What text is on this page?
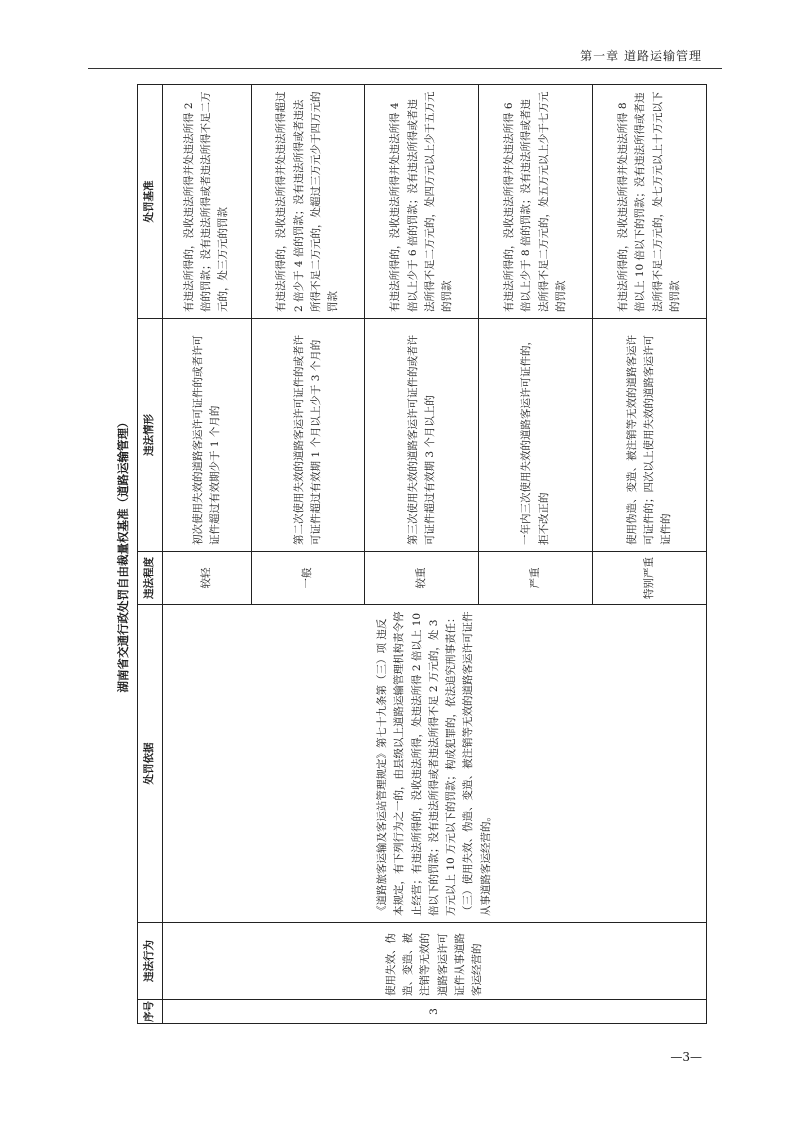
第一章 道路运输管理
湖南省交通行政处罚自由裁量权基准（道路运输管理）
序号	违法行为	处罚依据	违法程度	违法情形	处罚基准
3	使用失效、伪造、变造、被注销等无效的道路客运许可证件从事道路客运经营的	《道路旅客运输及客运站管理规定》第七十九条第（三）项 违反本规定，有下列行为之一的，由县级以上道路运输管理机构责令停止经营；有违法所得的，没收违法所得，处违法所得 2 倍以上 10 倍以下的罚款；没有违法所得或者违法所得不足 2 万元的，处 3 万元以上 10 万元以下的罚款；构成犯罪的，依法追究刑事责任： （三）使用失效、伪造、变造、被注销等无效的道路客运许可证件从事道路客运经营的。	较轻	初次使用失效的道路客运许可证件的或者许可证件超过有效期少于 1 个月的	有违法所得的，没收违法所得并处违法所得 2 倍的罚款；没有违法所得或者违法所得不足二万元的，处三万元的罚款
			一般	第二次使用失效的道路客运许可证件的或者许可证件超过有效期 1 个月以上少于 3 个月的	有违法所得的，没收违法所得并处违法所得超过 2 倍少于 4 倍的罚款；没有违法所得或者违法所得不足二万元的，处超过三万元少于四万元的罚款
			较重	第三次使用失效的道路客运许可证件的或者许可证件超过有效期 3 个月以上的	有违法所得的，没收违法所得并处违法所得 4 倍以上少于 6 倍的罚款；没有违法所得或者违法所得不足二万元的，处四万元以上少于五万元的罚款
			严重	一年内三次使用失效的道路客运许可证件的，拒不改正的	有违法所得的，没收违法所得并处违法所得 6 倍以上少于 8 倍的罚款；没有违法所得或者违法所得不足二万元的，处五万元以上少于七万元的罚款
			特别严重	使用伪造、变造、被注销等无效的道路客运许可证件的；四次以上使用失效的道路客运许可证件的	有违法所得的，没收违法所得并处违法所得 8 倍以上 10 倍以下的罚款；没有违法所得或者违法所得不足二万元的，处七万元以上十万元以下的罚款
—3—
